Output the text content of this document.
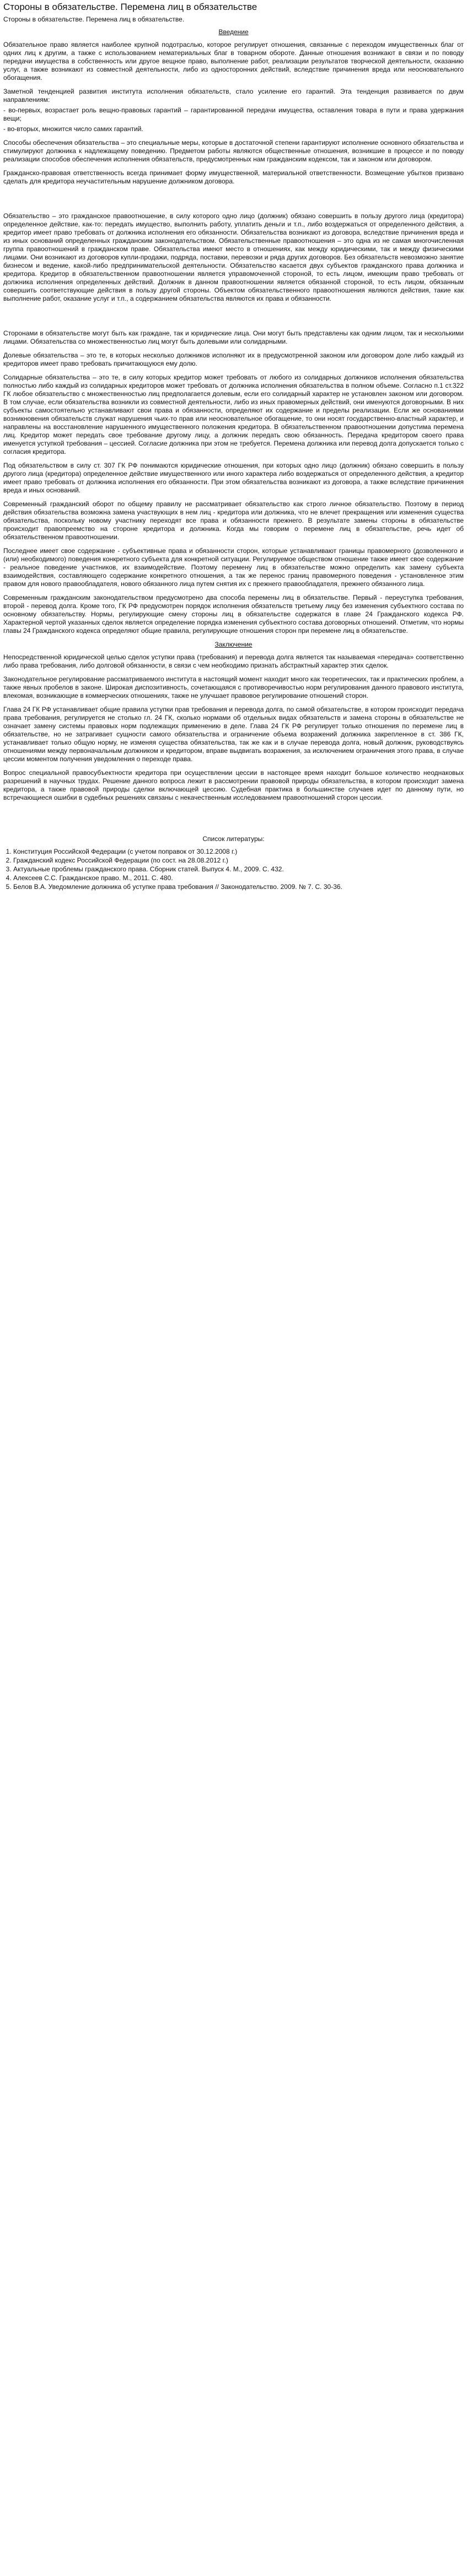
Стороны в обязательстве. Перемена лиц в обязательстве
Стороны в обязательстве. Перемена лиц в обязательстве.
Введение

Обязательное право является наиболее крупной подотраслью, которое регулирует отношения, связанные с переходом имущественных благ от одних лиц к другим, а также с использованием нематериальных благ в товарном обороте. Данные отношения возникают в связи и по поводу передачи имущества в собственность или другое вещное право, выполнение работ, реализации результатов творческой деятельности, оказанию услуг, а также возникают из совместной деятельности, либо из односторонних действий, вследствие причинения вреда или неосновательного обогащения.

Заметной тенденцией развития института исполнения обязательств, стало усиление его гарантий. Эта тенденция развивается по двум направлениям:

- во-первых, возрастает роль вещно-правовых гарантий – гарантированной передачи имущества, оставления товара в пути и права удержания вещи;

- во-вторых, множится число самих гарантий.

Способы обеспечения обязательства – это специальные меры, которые в достаточной степени гарантируют исполнение основного обязательства и стимулируют должника к надлежащему поведению. Предметом работы являются общественные отношения, возникшие в процессе и по поводу реализации способов обеспечения исполнения обязательств, предусмотренных нам гражданским кодексом, так и законом или договором.

Гражданско-правовая ответственность всегда принимает форму имущественной, материальной ответственности. Возмещение убытков призвано сделать для кредитора неучастительным нарушение должником договора.

Обязательство – это гражданское правоотношение, в силу которого одно лицо (должник) обязано совершить в пользу другого лица (кредитора) определенное действие, как-то: передать имущество, выполнить работу, уплатить деньги и т.п., либо воздержаться от определенного действия, а кредитор имеет право требовать от должника исполнения его обязанности. Обязательства возникают из договора, вследствие причинения вреда и из иных оснований определенных гражданским законодательством. Обязательственные правоотношения – это одна из не самая многочисленная группа правоотношений в гражданском праве. Обязательства имеют место в отношениях, как между юридическими, так и между физическими лицами. Они возникают из договоров купли-продажи, подряда, поставки, перевозки и ряда других договоров. Без обязательств невозможно занятие бизнесом и ведение, какой-либо предпринимательской деятельности. Обязательство касается двух субъектов гражданского права должника и кредитора. Кредитор в обязательственном правоотношении является управомоченной стороной, то есть лицом, имеющим право требовать от должника исполнения определенных действий. Должник в данном правоотношении является обязанной стороной, то есть лицом, обязанным совершить соответствующие действия в пользу другой стороны. Объектом обязательственного правоотношения являются действия, такие как выполнение работ, оказание услуг и т.п., а содержанием обязательства являются их права и обязанности.

Сторонами в обязательстве могут быть как граждане, так и юридические лица. Они могут быть представлены как одним лицом, так и несколькими лицами. Обязательства со множественностью лиц могут быть долевыми или солидарными.

Долевые обязательства – это те, в которых несколько должников исполняют их в предусмотренной законом или договором доле либо каждый из кредиторов имеет право требовать причитающуюся ему долю.

Солидарные обязательства – это те, в силу которых кредитор может требовать от любого из солидарных должников исполнения обязательства полностью либо каждый из солидарных кредиторов может требовать от должника исполнения обязательства в полном объеме. Согласно п.1 ст.322 ГК любое обязательство с множественностью лиц предполагается долевым, если его солидарный характер не установлен законом или договором. В том случае, если обязательства возникли из совместной деятельности, либо из иных правомерных действий, они именуются договорными. В них субъекты самостоятельно устанавливают свои права и обязанности, определяют их содержание и пределы реализации. Если же основаниями возникновения обязательств служат нарушения чьих-то прав или неосновательное обогащение, то они носят государственно-властный характер, и направлены на восстановление нарушенного имущественного положения кредитора. В обязательственном правоотношении допустима перемена лиц. Кредитор может передать свое требование другому лицу, а должник передать свою обязанность. Передача кредитором своего права именуется уступкой требования – цессией. Согласие должника при этом не требуется. Перемена должника или перевод долга допускается только с согласия кредитора.

Под обязательством в силу ст. 307 ГК РФ понимаются юридические отношения, при которых одно лицо (должник) обязано совершить в пользу другого лица (кредитора) определенное действие имущественного или иного характера либо воздержаться от определенного действия, а кредитор имеет право требовать от должника исполнения его обязанности. При этом обязательства возникают из договора, а также вследствие причинения вреда и иных оснований.

Современный гражданский оборот по общему правилу не рассматривает обязательство как строго личное обязательство. Поэтому в период действия обязательства возможна замена участвующих в нем лиц - кредитора или должника, что не влечет прекращения или изменения существа обязательства, поскольку новому участнику переходят все права и обязанности прежнего. В результате замены стороны в обязательстве происходит правопреемство на стороне кредитора и должника. Когда мы говорим о перемене лиц в обязательстве, речь идет об обязательственном правоотношении.

Последнее имеет свое содержание - субъективные права и обязанности сторон, которые устанавливают границы правомерного (дозволенного и (или) необходимого) поведения конкретного субъекта для конкретной ситуации. Регулируемое обществом отношение также имеет свое содержание - реальное поведение участников, их взаимодействие. Поэтому перемену лиц в обязательстве можно определить как замену субъекта взаимодействия, составляющего содержание конкретного отношения, а так же перенос границ правомерного поведения - установленное этим правом для нового правообладателя, нового обязанного лица путем снятия их с прежнего правообладателя, прежнего обязанного лица.

Современным гражданским законодательством предусмотрено два способа перемены лиц в обязательстве. Первый - переуступка требования, второй - перевод долга. Кроме того, ГК РФ предусмотрен порядок исполнения обязательств третьему лицу без изменения субъектного состава по основному обязательству. Нормы, регулирующие смену стороны лиц в обязательстве содержатся в главе 24 Гражданского кодекса РФ. Характерной чертой указанных сделок является определение порядка изменения субъектного состава договорных отношений. Отметим, что нормы главы 24 Гражданского кодекса определяют общие правила, регулирующие отношения сторон при перемене лиц в обязательстве.

Заключение

Непосредственной юридической целью сделок уступки права (требования) и перевода долга является так называемая «передача» соответственно либо права требования, либо долговой обязанности, в связи с чем необходимо признать абстрактный характер этих сделок.

Законодательное регулирование рассматриваемого института в настоящий момент находит много как теоретических, так и практических проблем, а также явных пробелов в законе. Широкая диспозитивность, сочетающаяся с противоречивостью норм регулирования данного правового института, влекомая, возникающие в коммерческих отношениях, также не улучшает правовое регулирование отношений сторон.

Глава 24 ГК РФ устанавливает общие правила уступки прав требования и перевода долга, по самой обязательстве, в котором происходит передача права требования, регулируется не столько гл. 24 ГК, сколько нормами об отдельных видах обязательств и замена стороны в обязательстве не означает замену системы правовых норм подлежащих применению в деле. Глава 24 ГК РФ регулирует только отношения по перемене лиц в обязательстве, но не затрагивает сущности самого обязательства и ограничение объема возражений должника закрепленное в ст. 386 ГК, устанавливает только общую норму, не изменяя существа обязательства, так же как и в случае перевода долга, новый должник, руководствуясь отношениями между первоначальным должником и кредитором, вправе выдвигать возражения, за исключением ограничения этого права, в случае цессии моментом получения уведомления о переходе права.

Вопрос специальной правосубъектности кредитора при осуществлении цессии в настоящее время находит большое количество неоднаковых разрешений в научных трудах. Решение данного вопроса лежит в рассмотрении правовой природы обязательства, в котором происходит замена кредитора, а также правовой природы сделки включающей цессию. Судебная практика в большинстве случаев идет по данному пути, но встречающиеся ошибки в судебных решениях связаны с некачественным исследованием правоотношений сторон цессии.

Список литературы:
1. Конституция Российской Федерации (с учетом поправок от 30.12.2008 г.)
2. Гражданский кодекс Российской Федерации (по сост. на 28.08.2012 г.)
3. Актуальные проблемы гражданского права. Сборник статей. Выпуск 4. М., 2009. С. 432.
4. Алексеев С.С. Гражданское право. М., 2011. С. 480.
5. Белов В.А. Уведомление должника об уступке права требования // Законодательство. 2009. № 7. С. 30-36.
